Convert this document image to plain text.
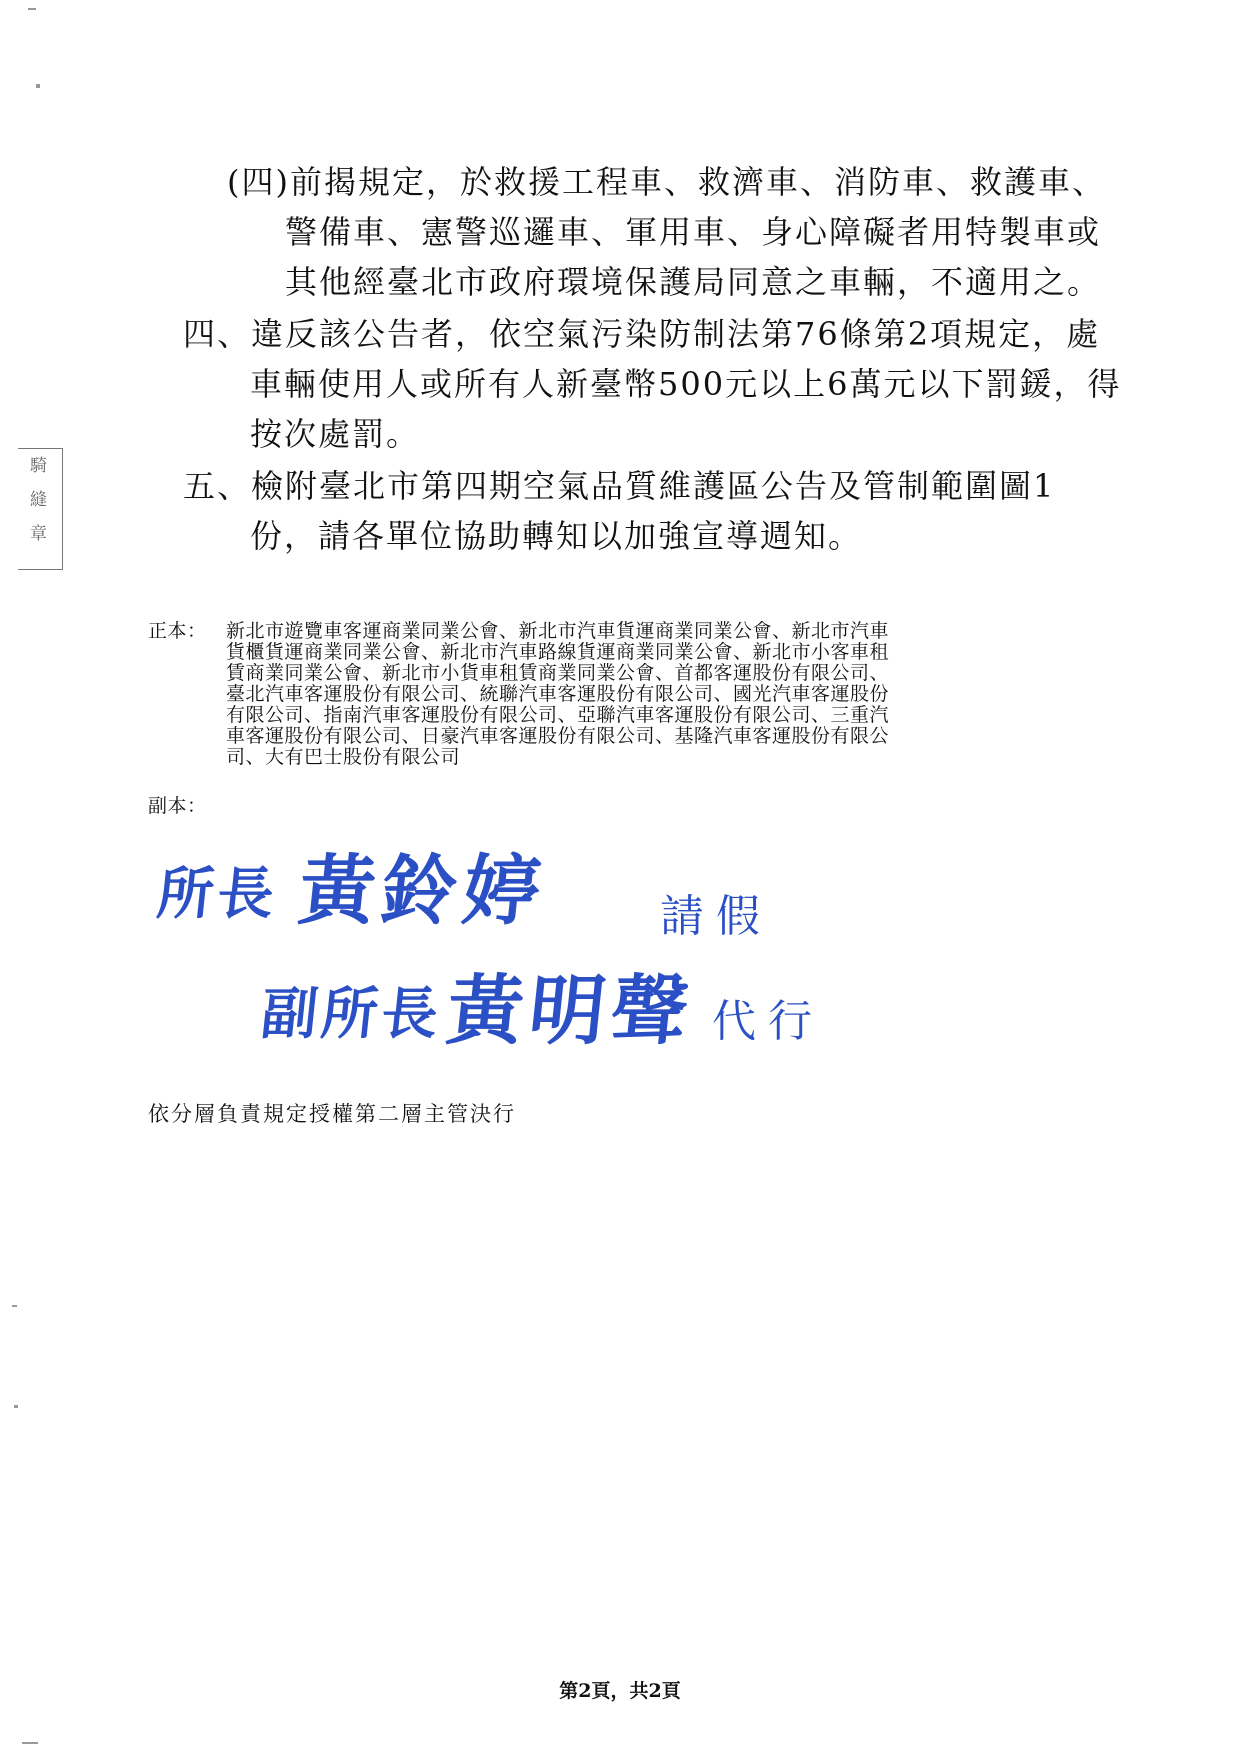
騎
縫
章
(四)前揭規定，於救援工程車、救濟車、消防車、救護車、
警備車、憲警巡邏車、軍用車、身心障礙者用特製車或
其他經臺北市政府環境保護局同意之車輛，不適用之。
四、違反該公告者，依空氣污染防制法第76條第2項規定，處
車輛使用人或所有人新臺幣500元以上6萬元以下罰鍰，得
按次處罰。
五、檢附臺北市第四期空氣品質維護區公告及管制範圍圖1
份，請各單位協助轉知以加強宣導週知。
正本： 新北市遊覽車客運商業同業公會、新北市汽車貨運商業同業公會、新北市汽車
貨櫃貨運商業同業公會、新北市汽車路線貨運商業同業公會、新北市小客車租
賃商業同業公會、新北市小貨車租賃商業同業公會、首都客運股份有限公司、
臺北汽車客運股份有限公司、統聯汽車客運股份有限公司、國光汽車客運股份
有限公司、指南汽車客運股份有限公司、亞聯汽車客運股份有限公司、三重汽
車客運股份有限公司、日豪汽車客運股份有限公司、基隆汽車客運股份有限公
司、大有巴士股份有限公司
副本：
所長 黃鈴婷 請假
副所長
黃明聲 代行
依分層負責規定授權第二層主管決行
第2頁，共2頁
